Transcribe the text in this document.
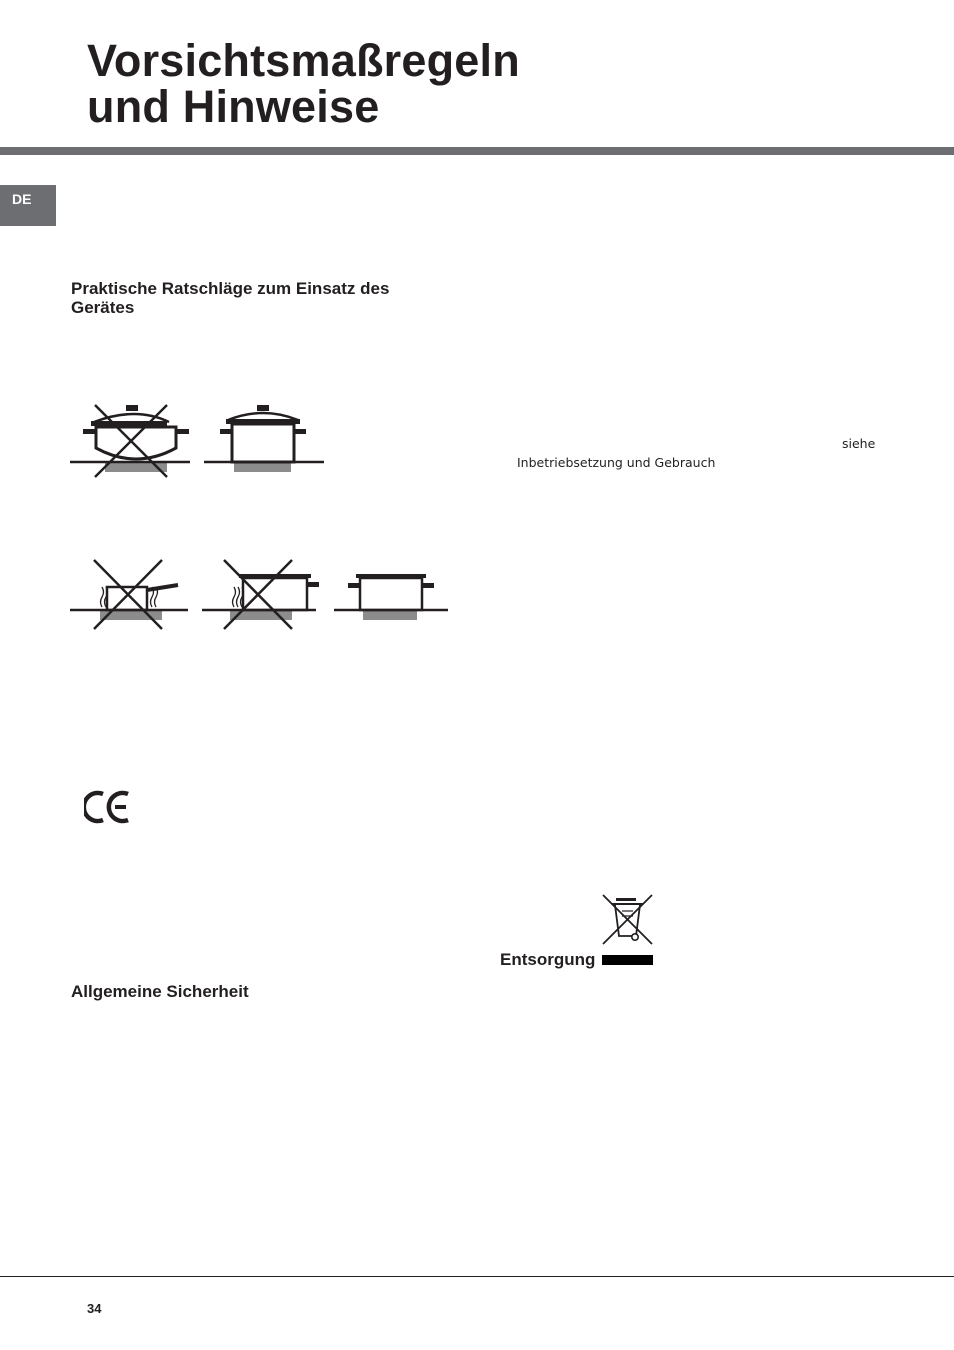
Vorsichtsmaßregeln
und Hinweise
DE
Praktische Ratschläge zum Einsatz des Gerätes
siehe
Inbetriebsetzung und Gebrauch
Allgemeine Sicherheit
Entsorgung
34
